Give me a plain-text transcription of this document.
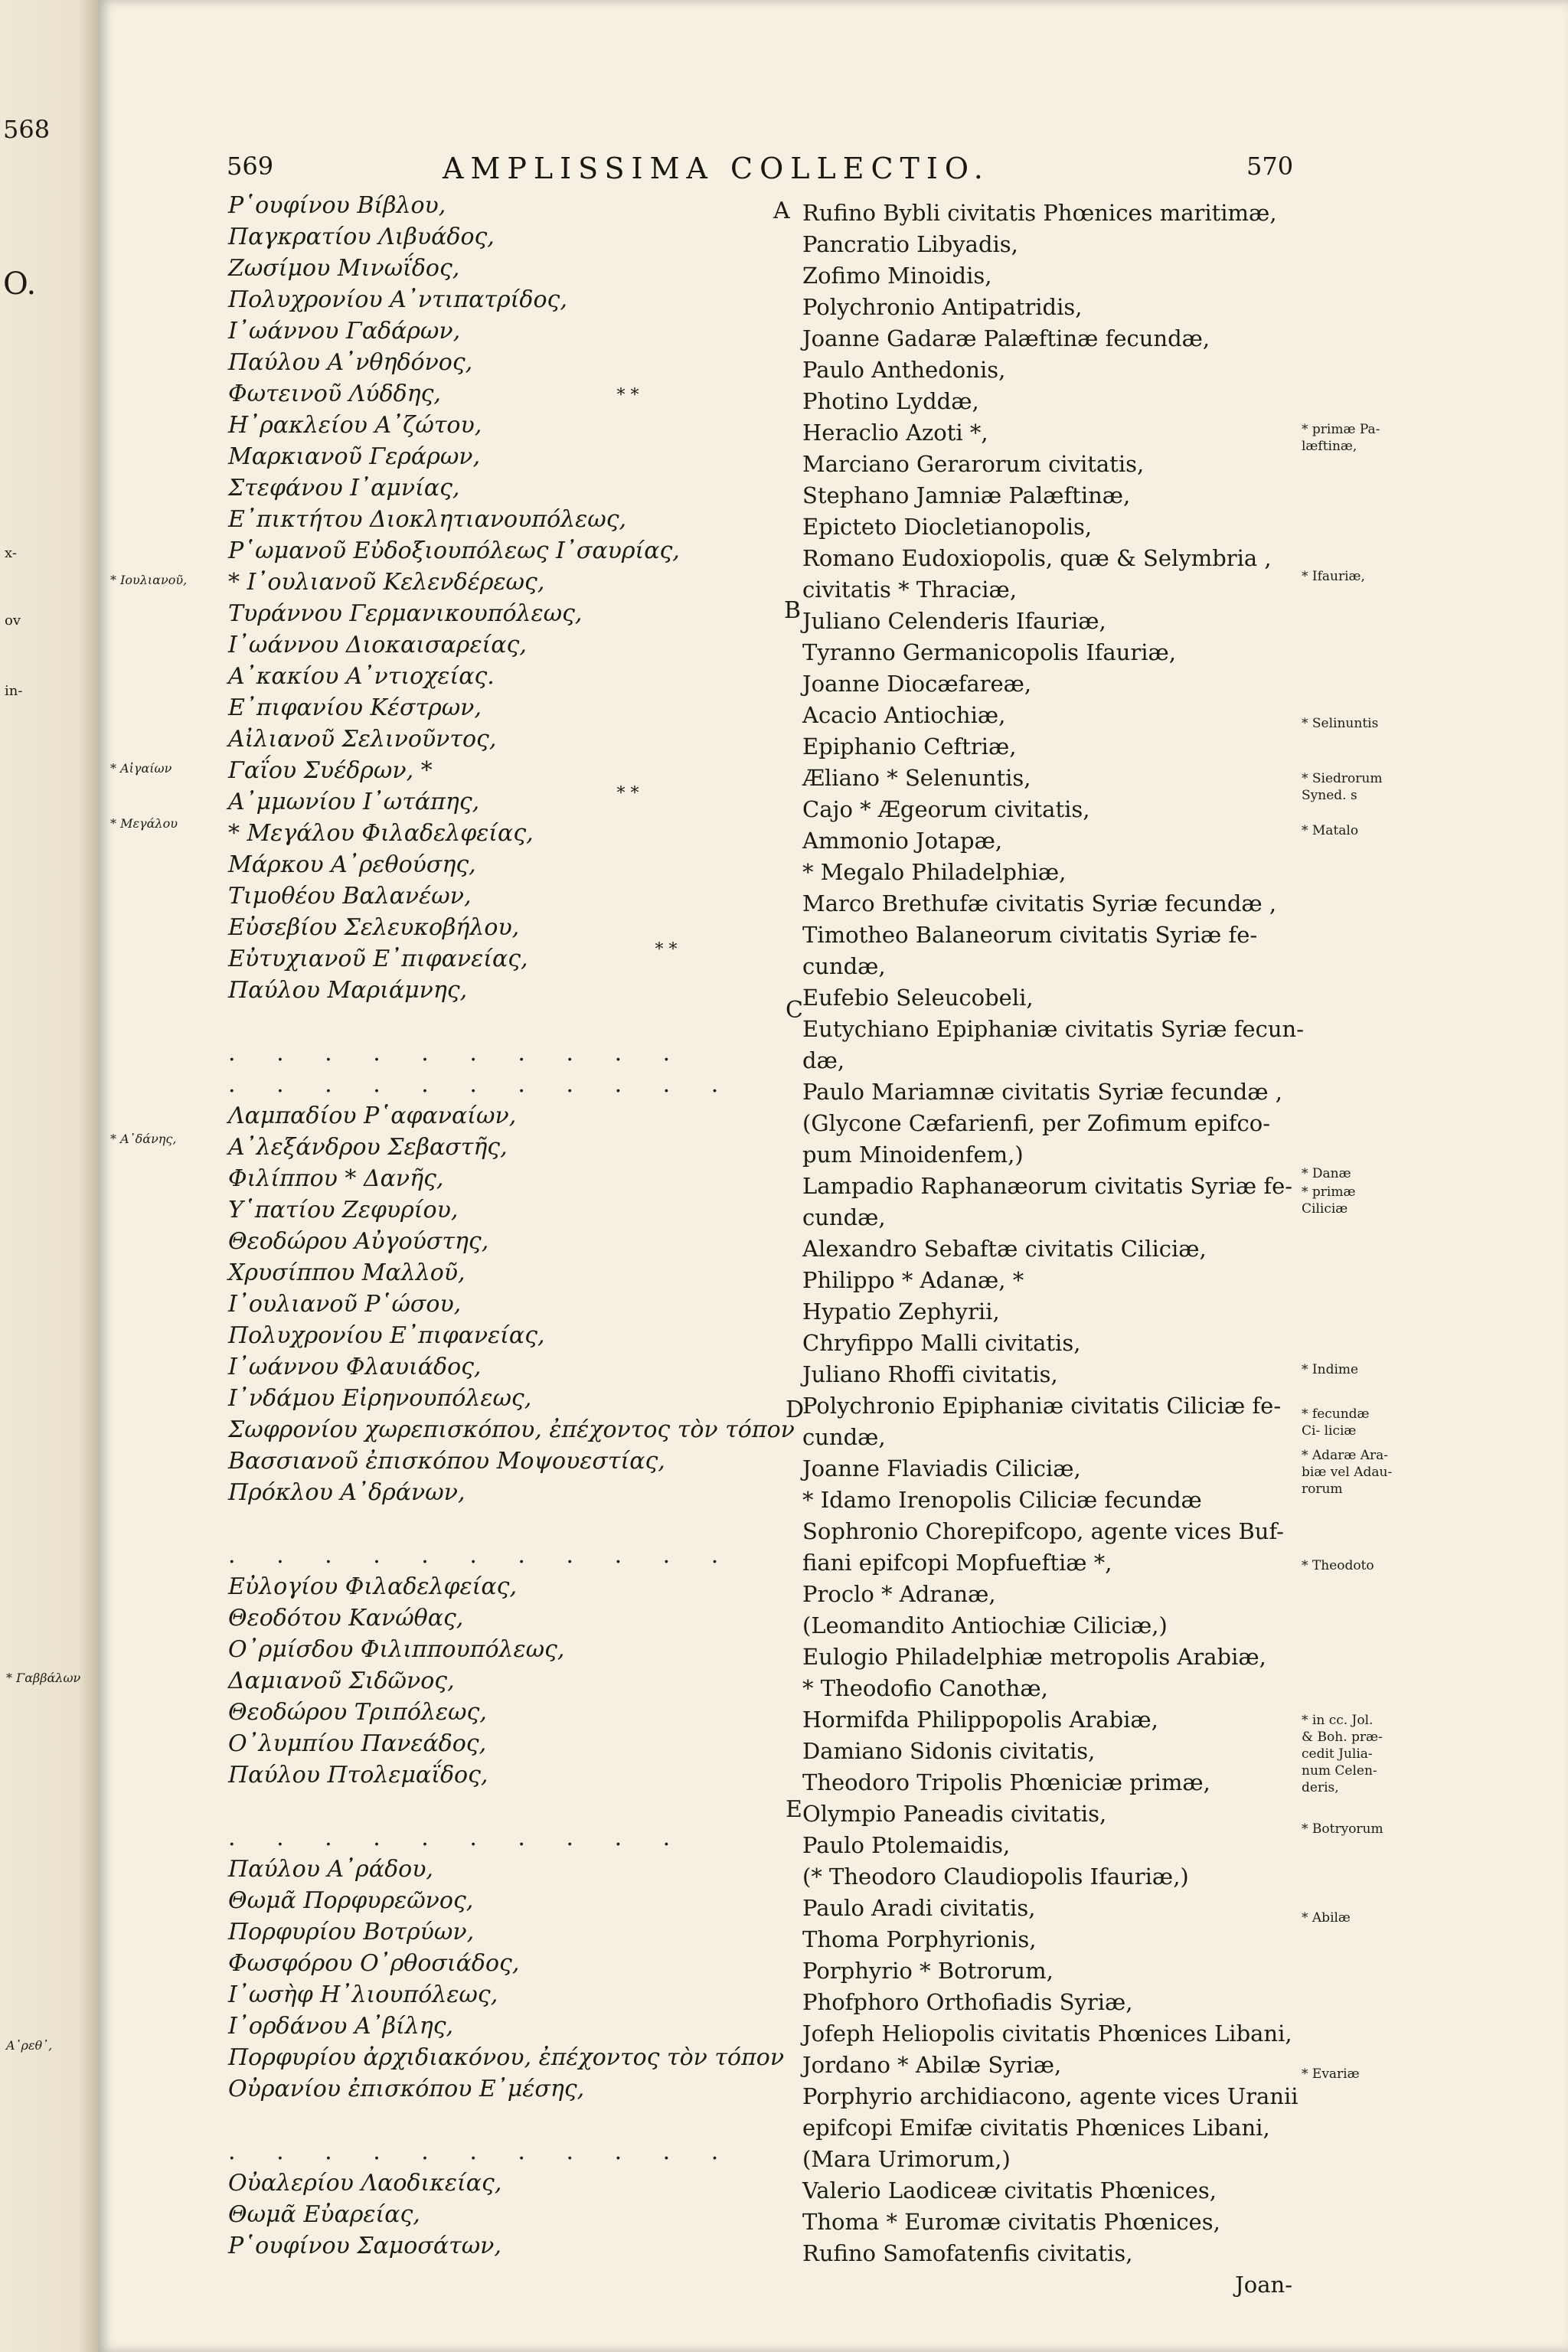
568
O.
x-
ov
in-
569	AMPLISSIMA COLLECTIO.	570
Ρ῾ουφίνου Βίβλου,
Παγκρατίου Λιβυάδος,
Ζωσίμου Μινωΐδος,
Πολυχρονίου Α᾿ντιπατρίδος,
Ι᾿ωάννου Γαδάρων,
Παύλου Α᾿νθηδόνος,
Φωτεινοῦ Λύδδης,
Η᾿ρακλείου Α᾿ζώτου,
Μαρκιανοῦ Γεράρων,
Στεφάνου Ι᾿αμνίας,
Ε᾿πικτήτου Διοκλητιανουπόλεως,
Ρ῾ωμανοῦ Εὐδοξιουπόλεως Ι᾿σαυρίας,
* Ι᾿ουλιανοῦ Κελενδέρεως,
Τυράννου Γερμανικουπόλεως,
Ι᾿ωάννου Διοκαισαρείας,
Α᾿κακίου Α᾿ντιοχείας.
Ε᾿πιφανίου Κέστρων,
Αἰλιανοῦ Σελινοῦντος,
Γαΐου Συέδρων, *
Α᾿μμωνίου Ι᾿ωτάπης,
* Μεγάλου Φιλαδελφείας,
Μάρκου Α᾿ρεθούσης,
Τιμοθέου Βαλανέων,
Εὐσεβίου Σελευκοβήλου,
Εὐτυχιανοῦ Ε᾿πιφανείας,
Παύλου Μαριάμνης,
. . . . . . . . . .
. . . . . . . . . . .
Λαμπαδίου Ρ῾αφαναίων,
Α᾿λεξάνδρου Σεβαστῆς,
Φιλίππου * Δανῆς,
Υ῾πατίου Ζεφυρίου,
Θεοδώρου Αὐγούστης,
Χρυσίππου Μαλλοῦ,
Ι᾿ουλιανοῦ Ρ῾ώσου,
Πολυχρονίου Ε᾿πιφανείας,
Ι᾿ωάννου Φλαυιάδος,
Ι᾿νδάμου Εἰρηνουπόλεως,
Σωφρονίου χωρεπισκόπου, ἐπέχοντος τὸν τόπον
Βασσιανοῦ ἐπισκόπου Μοψουεστίας,
Πρόκλου Α᾿δράνων,
. . . . . . . . . . .
Εὐλογίου Φιλαδελφείας,
Θεοδότου Κανώθας,
Ο᾿ρμίσδου Φιλιππουπόλεως,
Δαμιανοῦ Σιδῶνος,
Θεοδώρου Τριπόλεως,
Ο᾿λυμπίου Πανεάδος,
Παύλου Πτολεμαΐδος,
. . . . . . . . . .
Παύλου Α᾿ράδου,
Θωμᾶ Πορφυρεῶνος,
Πορφυρίου Βοτρύων,
Φωσφόρου Ο᾿ρθοσιάδος,
Ι᾿ωσὴφ Η᾿λιουπόλεως,
Ι᾿ορδάνου Α᾿βίλης,
Πορφυρίου ἀρχιδιακόνου, ἐπέχοντος τὸν τόπον
Οὐρανίου ἐπισκόπου Ε᾿μέσης,
. . . . . . . . . . .
Οὐαλερίου Λαοδικείας,
Θωμᾶ Εὐαρείας,
Ρ῾ουφίνου Σαμοσάτων,
* *
* *
* *
A
B
C
D
E
Rufino Bybli civitatis Phœnices maritimæ,
Pancratio Libyadis,
Zofimo Minoidis,
Polychronio Antipatridis,
Joanne Gadaræ Palæftinæ fecundæ,
Paulo Anthedonis,
Photino Lyddæ,
Heraclio Azoti *,
Marciano Gerarorum civitatis,
Stephano Jamniæ Palæftinæ,
Epicteto Diocletianopolis,
Romano Eudoxiopolis, quæ & Selymbria ,
civitatis * Thraciæ,
Juliano Celenderis Ifauriæ,
Tyranno Germanicopolis Ifauriæ,
Joanne Diocæfareæ,
Acacio Antiochiæ,
Epiphanio Ceftriæ,
Æliano * Selenuntis,
Cajo * Ægeorum civitatis,
Ammonio Jotapæ,
* Megalo Philadelphiæ,
Marco Brethufæ civitatis Syriæ fecundæ ,
Timotheo Balaneorum civitatis Syriæ fe-
cundæ,
Eufebio Seleucobeli,
Eutychiano Epiphaniæ civitatis Syriæ fecun-
dæ,
Paulo Mariamnæ civitatis Syriæ fecundæ ,
(Glycone Cæfarienfi, per Zofimum epifco-
pum Minoidenfem,)
Lampadio Raphanæorum civitatis Syriæ fe-
cundæ,
Alexandro Sebaftæ civitatis Ciliciæ,
Philippo * Adanæ, *
Hypatio Zephyrii,
Chryfippo Malli civitatis,
Juliano Rhoffi civitatis,
Polychronio Epiphaniæ civitatis Ciliciæ fe-
cundæ,
Joanne Flaviadis Ciliciæ,
* Idamo Irenopolis Ciliciæ fecundæ
Sophronio Chorepifcopo, agente vices Buf-
fiani epifcopi Mopfueftiæ *,
Proclo * Adranæ,
(Leomandito Antiochiæ Ciliciæ,)
Eulogio Philadelphiæ metropolis Arabiæ,
* Theodofio Canothæ,
Hormifda Philippopolis Arabiæ,
Damiano Sidonis civitatis,
Theodoro Tripolis Phœniciæ primæ,
Olympio Paneadis civitatis,
Paulo Ptolemaidis,
(* Theodoro Claudiopolis Ifauriæ,)
Paulo Aradi civitatis,
Thoma Porphyrionis,
Porphyrio * Botrorum,
Phofphoro Orthofiadis Syriæ,
Jofeph Heliopolis civitatis Phœnices Libani,
Jordano * Abilæ Syriæ,
Porphyrio archidiacono, agente vices Uranii
epifcopi Emifæ civitatis Phœnices Libani,
(Mara Urimorum,)
Valerio Laodiceæ civitatis Phœnices,
Thoma * Euromæ civitatis Phœnices,
Rufino Samofatenfis civitatis,
Joan-
* Ιουλιανοῦ,
* Αἰγαίων
* Μεγάλου
* Α᾿δάνης,
* Γαββάλων
Α᾿ρεθ᾿,
* primæ Pa- læftinæ,
* Ifauriæ,
* Selinuntis
* Siedrorum Syned. s
* Matalo
* Danæ
* primæ Ciliciæ
* Indime
* fecundæ Ci- liciæ
* Adaræ Ara- biæ vel Adau- rorum
* Theodoto
* in cc. Jol. & Boh. præ- cedit Julia- num Celen- deris,
* Botryorum
* Abilæ
* Evariæ
